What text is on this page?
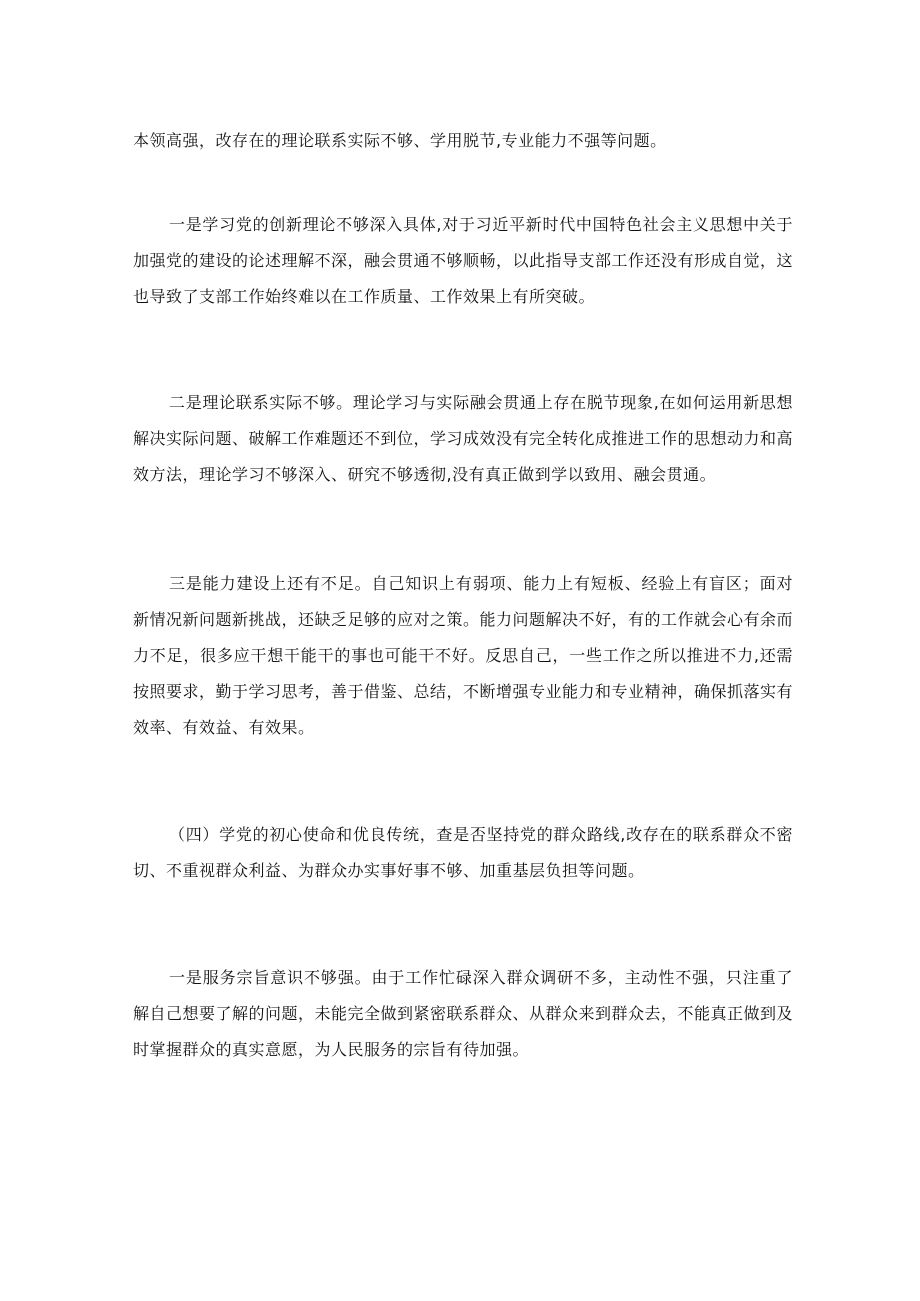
本领高强，改存在的理论联系实际不够、学用脱节,专业能力不强等问题。

一是学习党的创新理论不够深入具体,对于习近平新时代中国特色社会主义思想中关于加强党的建设的论述理解不深，融会贯通不够顺畅，以此指导支部工作还没有形成自觉，这也导致了支部工作始终难以在工作质量、工作效果上有所突破。

二是理论联系实际不够。理论学习与实际融会贯通上存在脱节现象,在如何运用新思想解决实际问题、破解工作难题还不到位，学习成效没有完全转化成推进工作的思想动力和高效方法，理论学习不够深入、研究不够透彻,没有真正做到学以致用、融会贯通。

三是能力建设上还有不足。自己知识上有弱项、能力上有短板、经验上有盲区；面对新情况新问题新挑战，还缺乏足够的应对之策。能力问题解决不好，有的工作就会心有余而力不足，很多应干想干能干的事也可能干不好。反思自己，一些工作之所以推进不力,还需按照要求，勤于学习思考，善于借鉴、总结，不断增强专业能力和专业精神，确保抓落实有效率、有效益、有效果。

（四）学党的初心使命和优良传统，查是否坚持党的群众路线,改存在的联系群众不密切、不重视群众利益、为群众办实事好事不够、加重基层负担等问题。

一是服务宗旨意识不够强。由于工作忙碌深入群众调研不多，主动性不强，只注重了解自己想要了解的问题，未能完全做到紧密联系群众、从群众来到群众去，不能真正做到及时掌握群众的真实意愿，为人民服务的宗旨有待加强。
